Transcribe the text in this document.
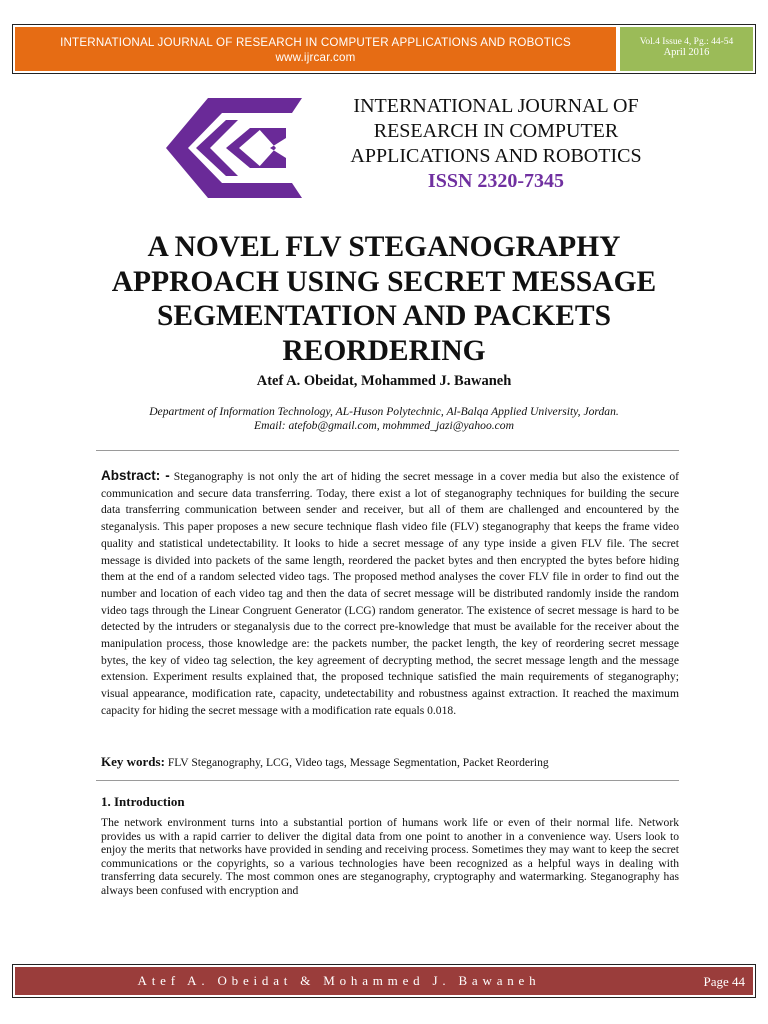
INTERNATIONAL JOURNAL OF RESEARCH IN COMPUTER APPLICATIONS AND ROBOTICS
www.ijrcar.com
Vol.4 Issue 4, Pg.: 44-54
April 2016
INTERNATIONAL JOURNAL OF
RESEARCH IN COMPUTER
APPLICATIONS AND ROBOTICS
ISSN 2320-7345
A NOVEL FLV STEGANOGRAPHY
APPROACH USING SECRET MESSAGE
SEGMENTATION AND PACKETS
REORDERING
Atef A. Obeidat, Mohammed J. Bawaneh
Department of Information Technology, AL-Huson Polytechnic, Al-Balqa Applied University, Jordan.
Email: atefob@gmail.com, mohmmed_jazi@yahoo.com
Abstract: - Steganography is not only the art of hiding the secret message in a cover media but also the existence of communication and secure data transferring. Today, there exist a lot of steganography techniques for building the secure data transferring communication between sender and receiver, but all of them are challenged and encountered by the steganalysis. This paper proposes a new secure technique flash video file (FLV) steganography that keeps the frame video quality and statistical undetectability. It looks to hide a secret message of any type inside a given FLV file. The secret message is divided into packets of the same length, reordered the packet bytes and then encrypted the bytes before hiding them at the end of a random selected video tags. The proposed method analyses the cover FLV file in order to find out the number and location of each video tag and then the data of secret message will be distributed randomly inside the random video tags through the Linear Congruent Generator (LCG) random generator. The existence of secret message is hard to be detected by the intruders or steganalysis due to the correct pre-knowledge that must be available for the receiver about the manipulation process, those knowledge are: the packets number, the packet length, the key of reordering secret message bytes, the key of video tag selection, the key agreement of decrypting method, the secret message length and the message extension. Experiment results explained that, the proposed technique satisfied the main requirements of steganography; visual appearance, modification rate, capacity, undetectability and robustness against extraction. It reached the maximum capacity for hiding the secret message with a modification rate equals 0.018.
Key words: FLV Steganography, LCG, Video tags, Message Segmentation, Packet Reordering
1. Introduction
The network environment turns into a substantial portion of humans work life or even of their normal life. Network provides us with a rapid carrier to deliver the digital data from one point to another in a convenience way. Users look to enjoy the merits that networks have provided in sending and receiving process. Sometimes they may want to keep the secret communications or the copyrights, so a various technologies have been recognized as a helpful ways in dealing with transferring data securely. The most common ones are steganography, cryptography and watermarking. Steganography has always been confused with encryption and
Atef A. Obeidat & Mohammed J. Bawaneh	Page 44
